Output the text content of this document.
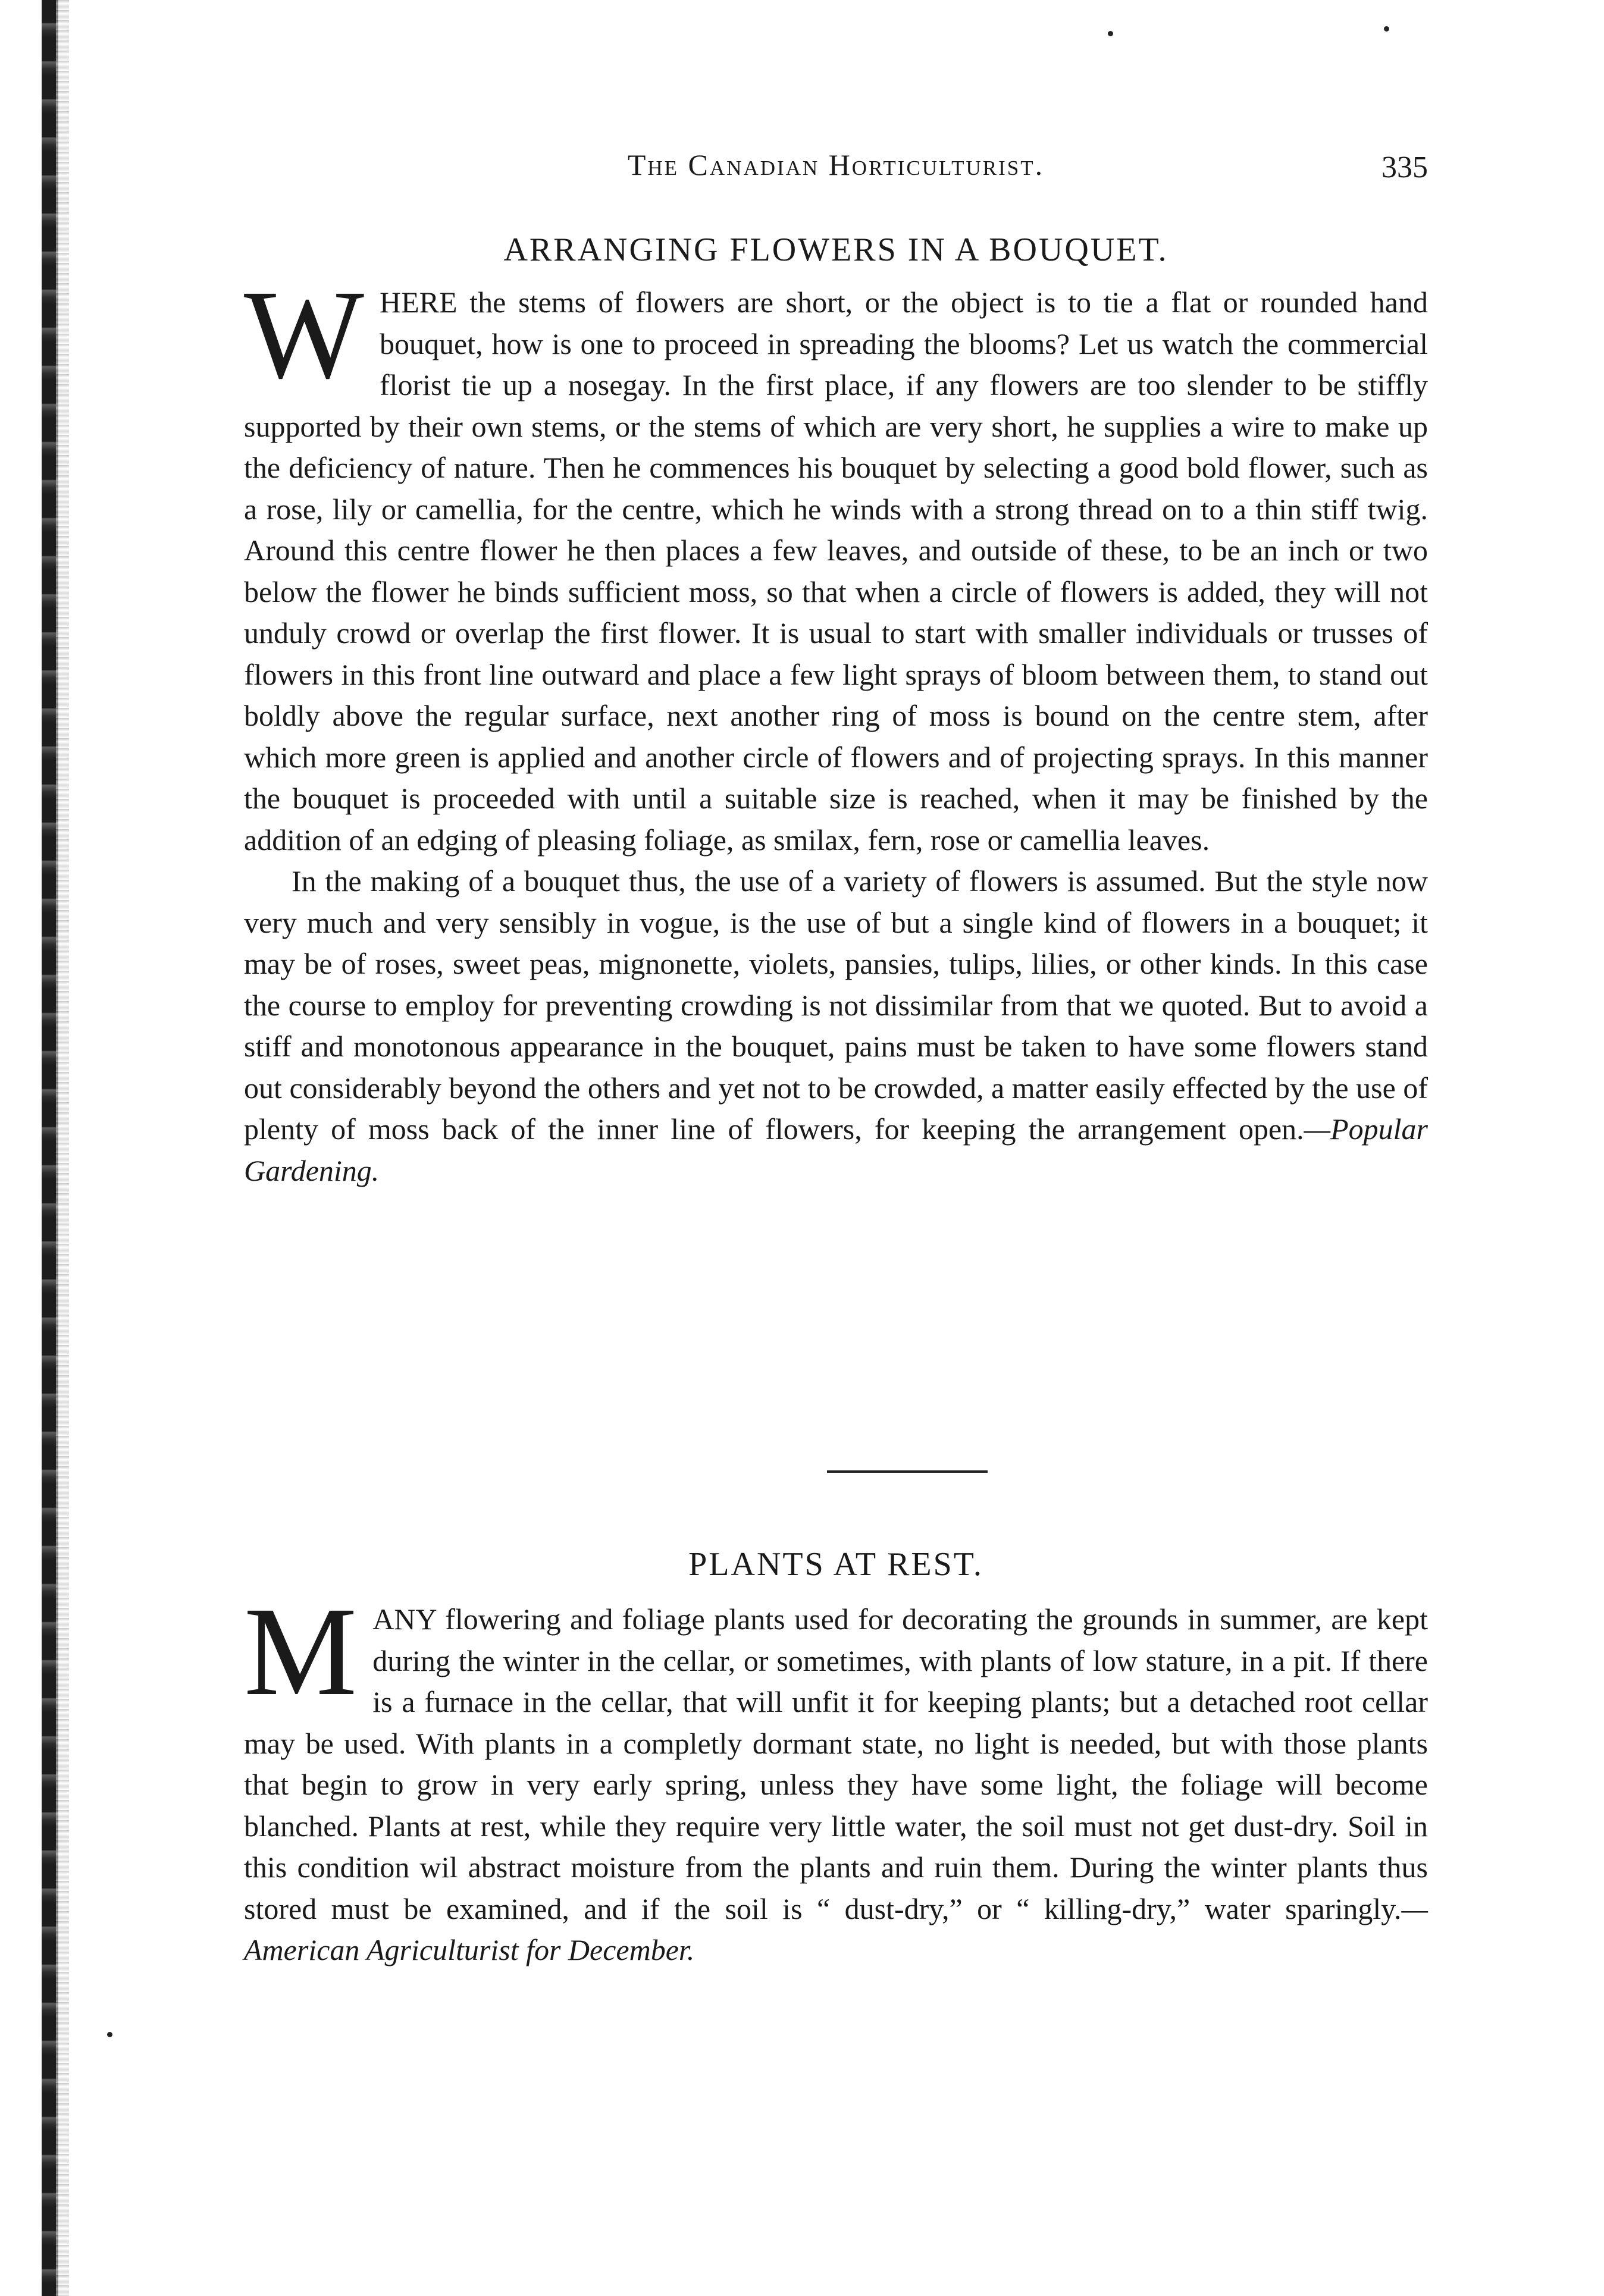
The Canadian Horticulturist.	335
ARRANGING FLOWERS IN A BOUQUET.

WHERE the stems of flowers are short, or the object is to tie a flat or rounded hand bouquet, how is one to proceed in spreading the blooms? Let us watch the commercial florist tie up a nosegay. In the first place, if any flowers are too slender to be stiffly supported by their own stems, or the stems of which are very short, he supplies a wire to make up the deficiency of nature. Then he commences his bouquet by selecting a good bold flower, such as a rose, lily or camellia, for the centre, which he winds with a strong thread on to a thin stiff twig. Around this centre flower he then places a few leaves, and outside of these, to be an inch or two below the flower he binds sufficient moss, so that when a circle of flowers is added, they will not unduly crowd or overlap the first flower. It is usual to start with smaller individuals or trusses of flowers in this front line outward and place a few light sprays of bloom between them, to stand out boldly above the regular surface, next another ring of moss is bound on the centre stem, after which more green is applied and another circle of flowers and of projecting sprays. In this manner the bouquet is proceeded with until a suitable size is reached, when it may be finished by the addition of an edging of pleasing foliage, as smilax, fern, rose or camellia leaves.

In the making of a bouquet thus, the use of a variety of flowers is assumed. But the style now very much and very sensibly in vogue, is the use of but a single kind of flowers in a bouquet; it may be of roses, sweet peas, mignonette, violets, pansies, tulips, lilies, or other kinds. In this case the course to employ for preventing crowding is not dissimilar from that we quoted. But to avoid a stiff and monotonous appearance in the bouquet, pains must be taken to have some flowers stand out considerably beyond the others and yet not to be crowded, a matter easily effected by the use of plenty of moss back of the inner line of flowers, for keeping the arrangement open.—Popular Gardening.

PLANTS AT REST.

MANY flowering and foliage plants used for decorating the grounds in summer, are kept during the winter in the cellar, or sometimes, with plants of low stature, in a pit. If there is a furnace in the cellar, that will unfit it for keeping plants; but a detached root cellar may be used. With plants in a completly dormant state, no light is needed, but with those plants that begin to grow in very early spring, unless they have some light, the foliage will become blanched. Plants at rest, while they require very little water, the soil must not get dust-dry. Soil in this condition wil abstract moisture from the plants and ruin them. During the winter plants thus stored must be examined, and if the soil is “ dust-dry,” or “ killing-dry,” water sparingly.—American Agriculturist for December.
